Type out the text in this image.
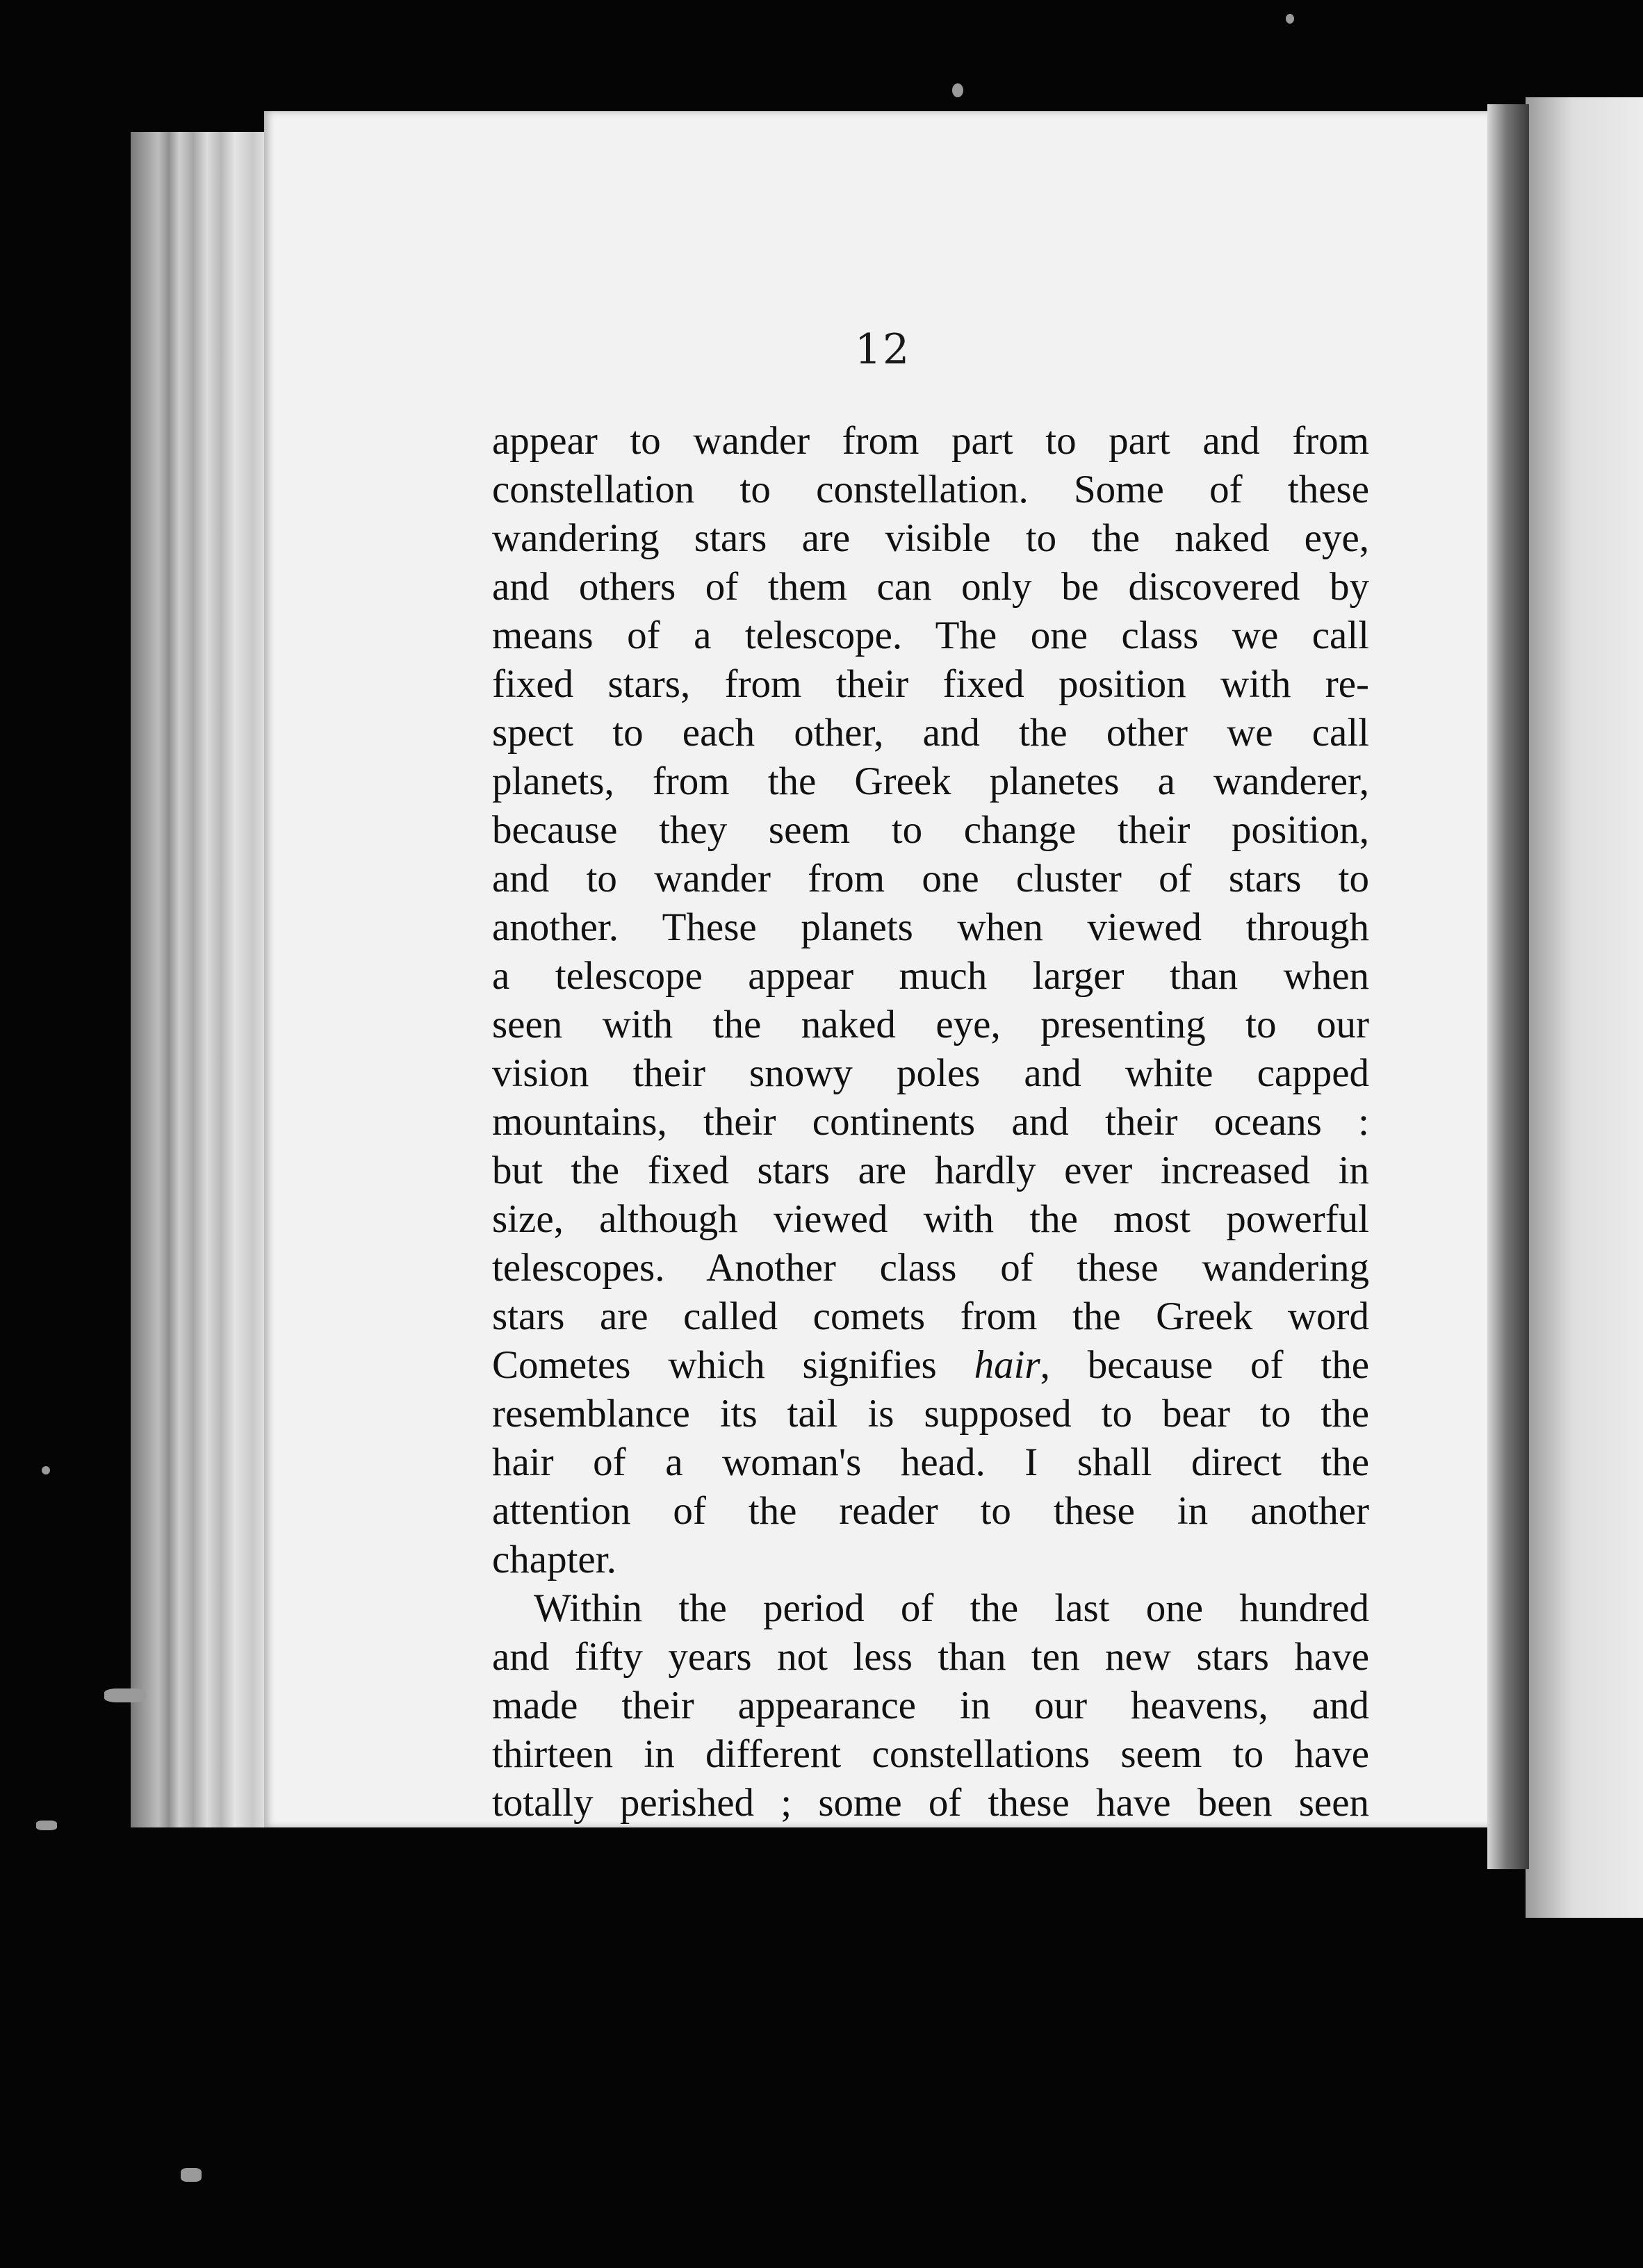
12

appear to wander from part to part and from

constellation to constellation. Some of these

wandering stars are visible to the naked eye,

and others of them can only be discovered by

means of a telescope. The one class we call

fixed stars, from their fixed position with re-

spect to each other, and the other we call

planets, from the Greek planetes a wanderer,

because they seem to change their position,

and to wander from one cluster of stars to

another. These planets when viewed through

a telescope appear much larger than when

seen with the naked eye, presenting to our

vision their snowy poles and white capped

mountains, their continents and their oceans :

but the fixed stars are hardly ever increased in

size, although viewed with the most powerful

telescopes. Another class of these wandering

stars are called comets from the Greek word

Cometes which signifies hair, because of the

resemblance its tail is supposed to bear to the

hair of a woman's head. I shall direct the

attention of the reader to these in another

chapter.

Within the period of the last one hundred

and fifty years not less than ten new stars have

made their appearance in our heavens, and

thirteen in different constellations seem to have

totally perished ; some of these have been seen
